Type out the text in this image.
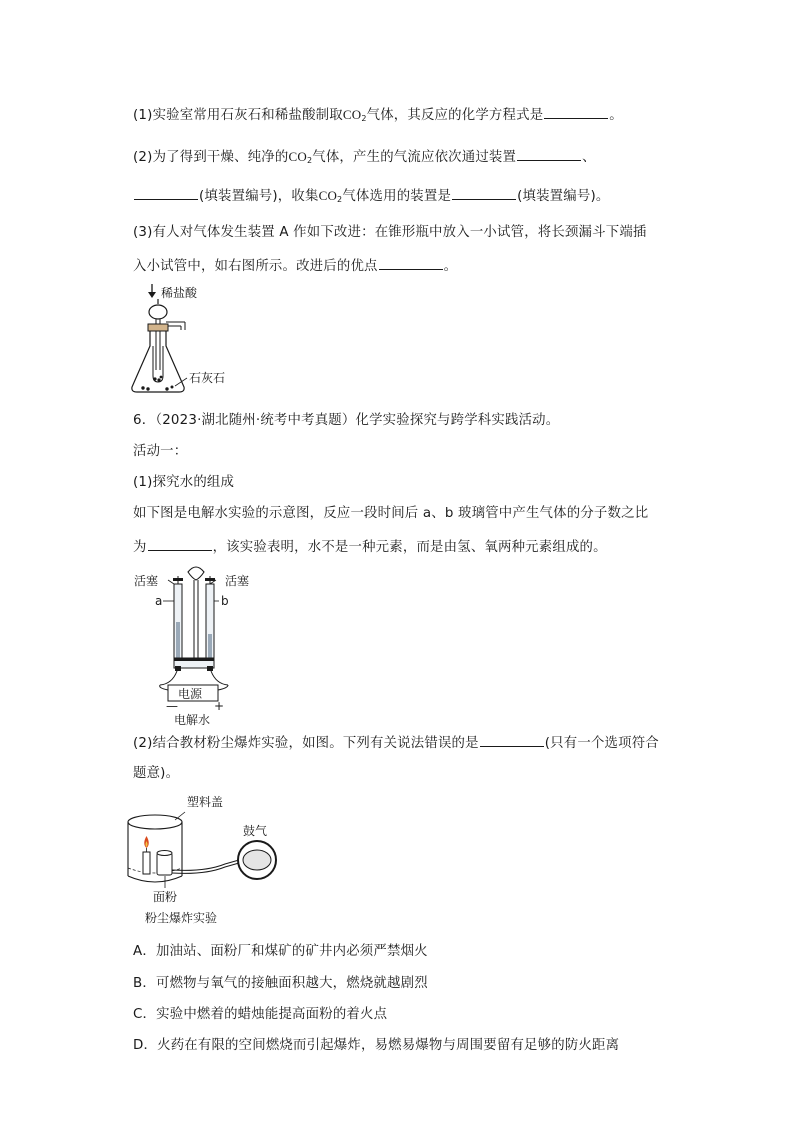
(1)实验室常用石灰石和稀盐酸制取$CO_2$气体，其反应的化学方程式是	。
(2)为了得到干燥、纯净的$CO_2$气体，产生的气流应依次通过装置	、
(填装置编号)，收集$CO_2$气体选用的装置是	(填装置编号)。
(3)有人对气体发生装置 A 作如下改进：在锥形瓶中放入一小试管，将长颈漏斗下端插
入小试管中，如右图所示。改进后的优点	。
稀盐酸
石灰石
6．（2023·湖北随州·统考中考真题）化学实验探究与跨学科实践活动。
活动一：
(1)探究水的组成
如下图是电解水实验的示意图，反应一段时间后 a、b 玻璃管中产生气体的分子数之比
为	，该实验表明，水不是一种元素，而是由氢、氧两种元素组成的。
活塞	活塞
a	b
电源
—	+
电解水
(2)结合教材粉尘爆炸实验，如图。下列有关说法错误的是	(只有一个选项符合
题意)。
塑料盖
鼓气
面粉
粉尘爆炸实验
A．加油站、面粉厂和煤矿的矿井内必须严禁烟火
B．可燃物与氧气的接触面积越大，燃烧就越剧烈
C．实验中燃着的蜡烛能提高面粉的着火点
D．火药在有限的空间燃烧而引起爆炸，易燃易爆物与周围要留有足够的防火距离
